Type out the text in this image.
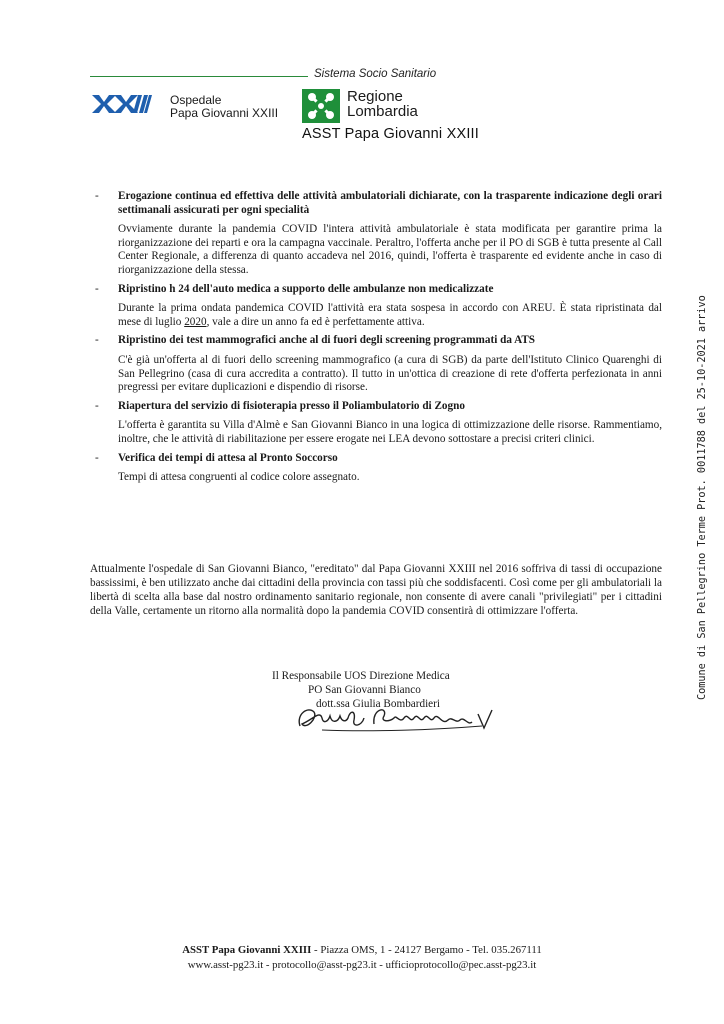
Sistema Socio Sanitario
Ospedale
Papa Giovanni XXIII
Regione
Lombardia
ASST Papa Giovanni XXIII
- Erogazione continua ed effettiva delle attività ambulatoriali dichiarate, con la trasparente indicazione degli orari settimanali assicurati per ogni specialità
Ovviamente durante la pandemia COVID l'intera attività ambulatoriale è stata modificata per garantire prima la riorganizzazione dei reparti e ora la campagna vaccinale. Peraltro, l'offerta anche per il PO di SGB è tutta presente al Call Center Regionale, a differenza di quanto accadeva nel 2016, quindi, l'offerta è trasparente ed evidente anche in caso di riorganizzazione della stessa.
- Ripristino h 24 dell'auto medica a supporto delle ambulanze non medicalizzate
Durante la prima ondata pandemica COVID l'attività era stata sospesa in accordo con AREU. È stata ripristinata dal mese di luglio 2020, vale a dire un anno fa ed è perfettamente attiva.
- Ripristino dei test mammografici anche al di fuori degli screening programmati da ATS
C'è già un'offerta al di fuori dello screening mammografico (a cura di SGB) da parte dell'Istituto Clinico Quarenghi di San Pellegrino (casa di cura accredita a contratto). Il tutto in un'ottica di creazione di rete d'offerta perfezionata in anni pregressi per evitare duplicazioni e dispendio di risorse.
- Riapertura del servizio di fisioterapia presso il Poliambulatorio di Zogno
L'offerta è garantita su Villa d'Almè e San Giovanni Bianco in una logica di ottimizzazione delle risorse. Rammentiamo, inoltre, che le attività di riabilitazione per essere erogate nei LEA devono sottostare a precisi criteri clinici.
- Verifica dei tempi di attesa al Pronto Soccorso
Tempi di attesa congruenti al codice colore assegnato.
Attualmente l'ospedale di San Giovanni Bianco, "ereditato" dal Papa Giovanni XXIII nel 2016 soffriva di tassi di occupazione bassissimi, è ben utilizzato anche dai cittadini della provincia con tassi più che soddisfacenti. Così come per gli ambulatoriali la libertà di scelta alla base dal nostro ordinamento sanitario regionale, non consente di avere canali "privilegiati" per i cittadini della Valle, certamente un ritorno alla normalità dopo la pandemia COVID consentirà di ottimizzare l'offerta.
Il Responsabile UOS Direzione Medica
PO San Giovanni Bianco
dott.ssa Giulia Bombardieri
Comune di San Pellegrino Terme Prot. 0011788 del 25-10-2021 arrivo
ASST Papa Giovanni XXIII - Piazza OMS, 1 - 24127 Bergamo - Tel. 035.267111
www.asst-pg23.it - protocollo@asst-pg23.it - ufficioprotocollo@pec.asst-pg23.it
